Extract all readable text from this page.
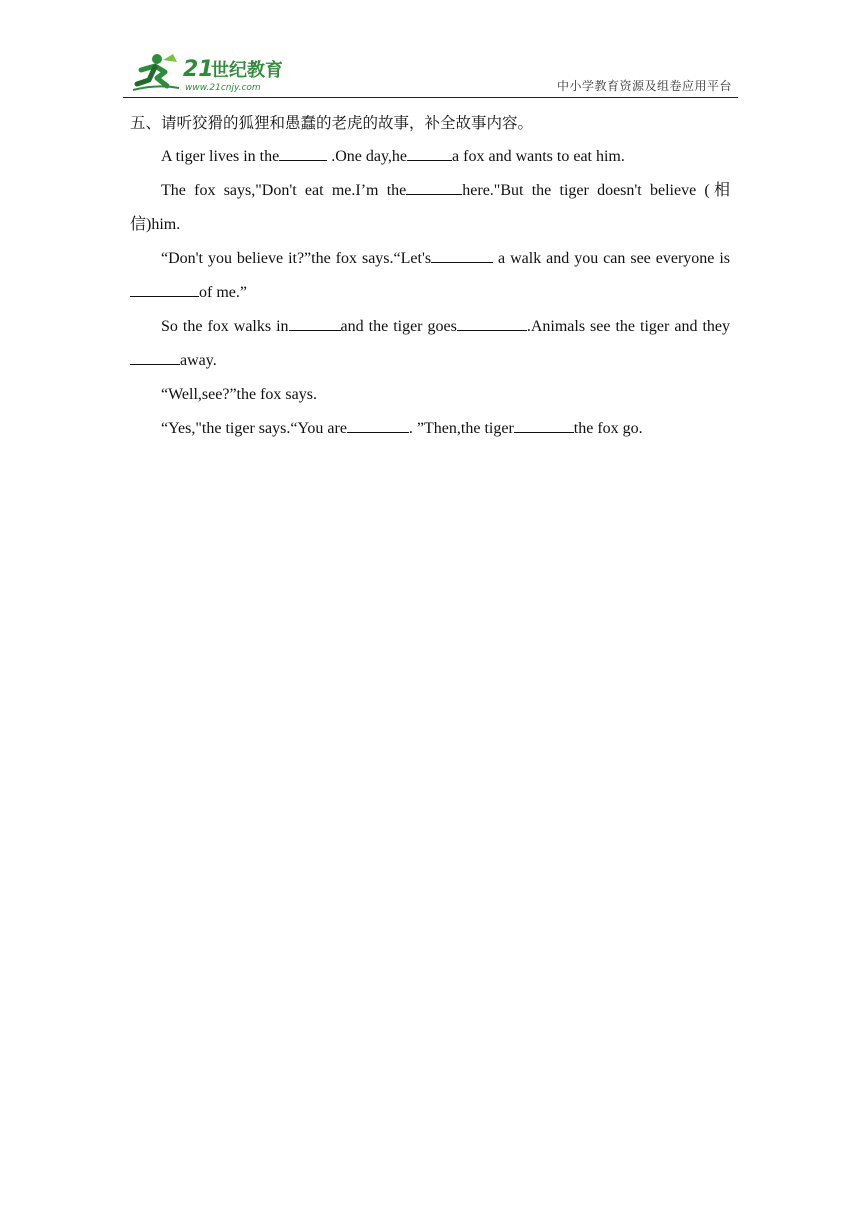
21
世纪教育
www.21cnjy.com	中小学教育资源及组卷应用平台
五、请听狡猾的狐狸和愚蠢的老虎的故事，补全故事内容。

A tiger lives in the	.One day,he	a fox and wants to eat him.

The fox says,"Don't eat me.I’m the	here."But the tiger doesn't believe (相信)him.

“Don't you believe it?”the fox says.“Let's	a walk and you can see everyone isof me.”

So the fox walks in	and the tiger goes	.Animals see the tiger and theyaway.

“Well,see?”the fox says.

“Yes,"the tiger says.“You are	. ”Then,the tiger	the fox go.
